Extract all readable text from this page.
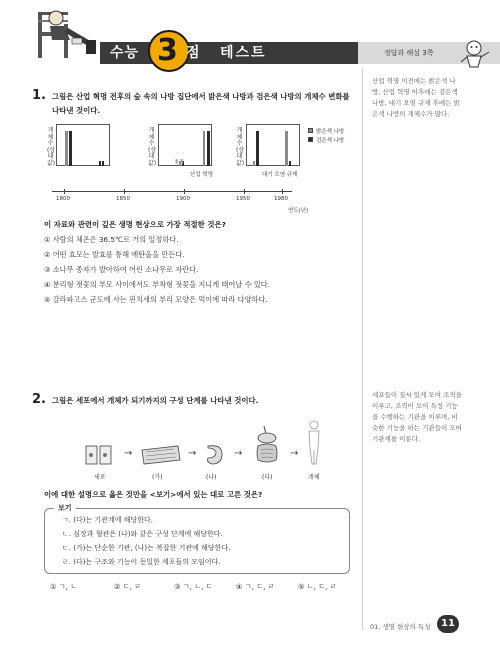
수능 3 점 테스트	정답과 해설 3쪽

산업 혁명 이전에는 밝은색 나방, 산업 혁명 이후에는 검은색 나방, 대기 오염 규제 후에는 밝은색 나방의 개체수가 많다.

세포들이 질서 있게 모여 조직을 이루고, 조직이 모여 특정 기능을 수행하는 기관을 이루며, 비슷한 기능을 하는 기관들이 모여 기관계를 이룬다.

1. 그림은 산업 혁명 전후의 숲 속의 나방 집단에서 밝은색 나방과 검은색 나방의 개체수 변화를

나타낸 것이다.

개체수(상대값)
개체수(상대값)
◦ ◦
▮ ▮
산업 혁명
개체수(상대값)
대기 오염 규제
밝은색 나방
검은색 나방
1800	1850	1900	1950	1980
연도(년)

이 자료와 관련이 깊은 생명 현상으로 가장 적절한 것은?

① 사람의 체온은 36.5℃로 거의 일정하다.

② 어떤 효모는 발효를 통해 에탄올을 만든다.

③ 소나무 종자가 발아하여 어린 소나무로 자란다.

④ 분리형 젓꽃의 부모 사이에서도 부착형 젓꽃을 지니게 태어날 수 있다.

⑤ 갈라파고스 군도에 사는 핀치새의 부리 모양은 먹이에 따라 다양하다.

2. 그림은 세포에서 개체가 되기까지의 구성 단계를 나타낸 것이다.

세포
→
(가)
→
(나)
→
(다)
→
개체

이에 대한 설명으로 옳은 것만을 <보기>에서 있는 대로 고른 것은?

보기

ㄱ. (다)는 기관계에 해당한다.

ㄴ. 심장과 혈관은 (나)와 같은 구성 단계에 해당한다.

ㄷ. (가)는 단순한 기관, (나)는 복잡한 기관에 해당한다.

ㄹ. (다)는 구조와 기능이 동일한 세포들의 모임이다.

① ㄱ, ㄴ	② ㄷ, ㄹ	③ ㄱ, ㄴ, ㄷ	④ ㄱ, ㄷ, ㄹ	⑤ ㄴ, ㄷ, ㄹ
01. 생명 현상의 특성	11
